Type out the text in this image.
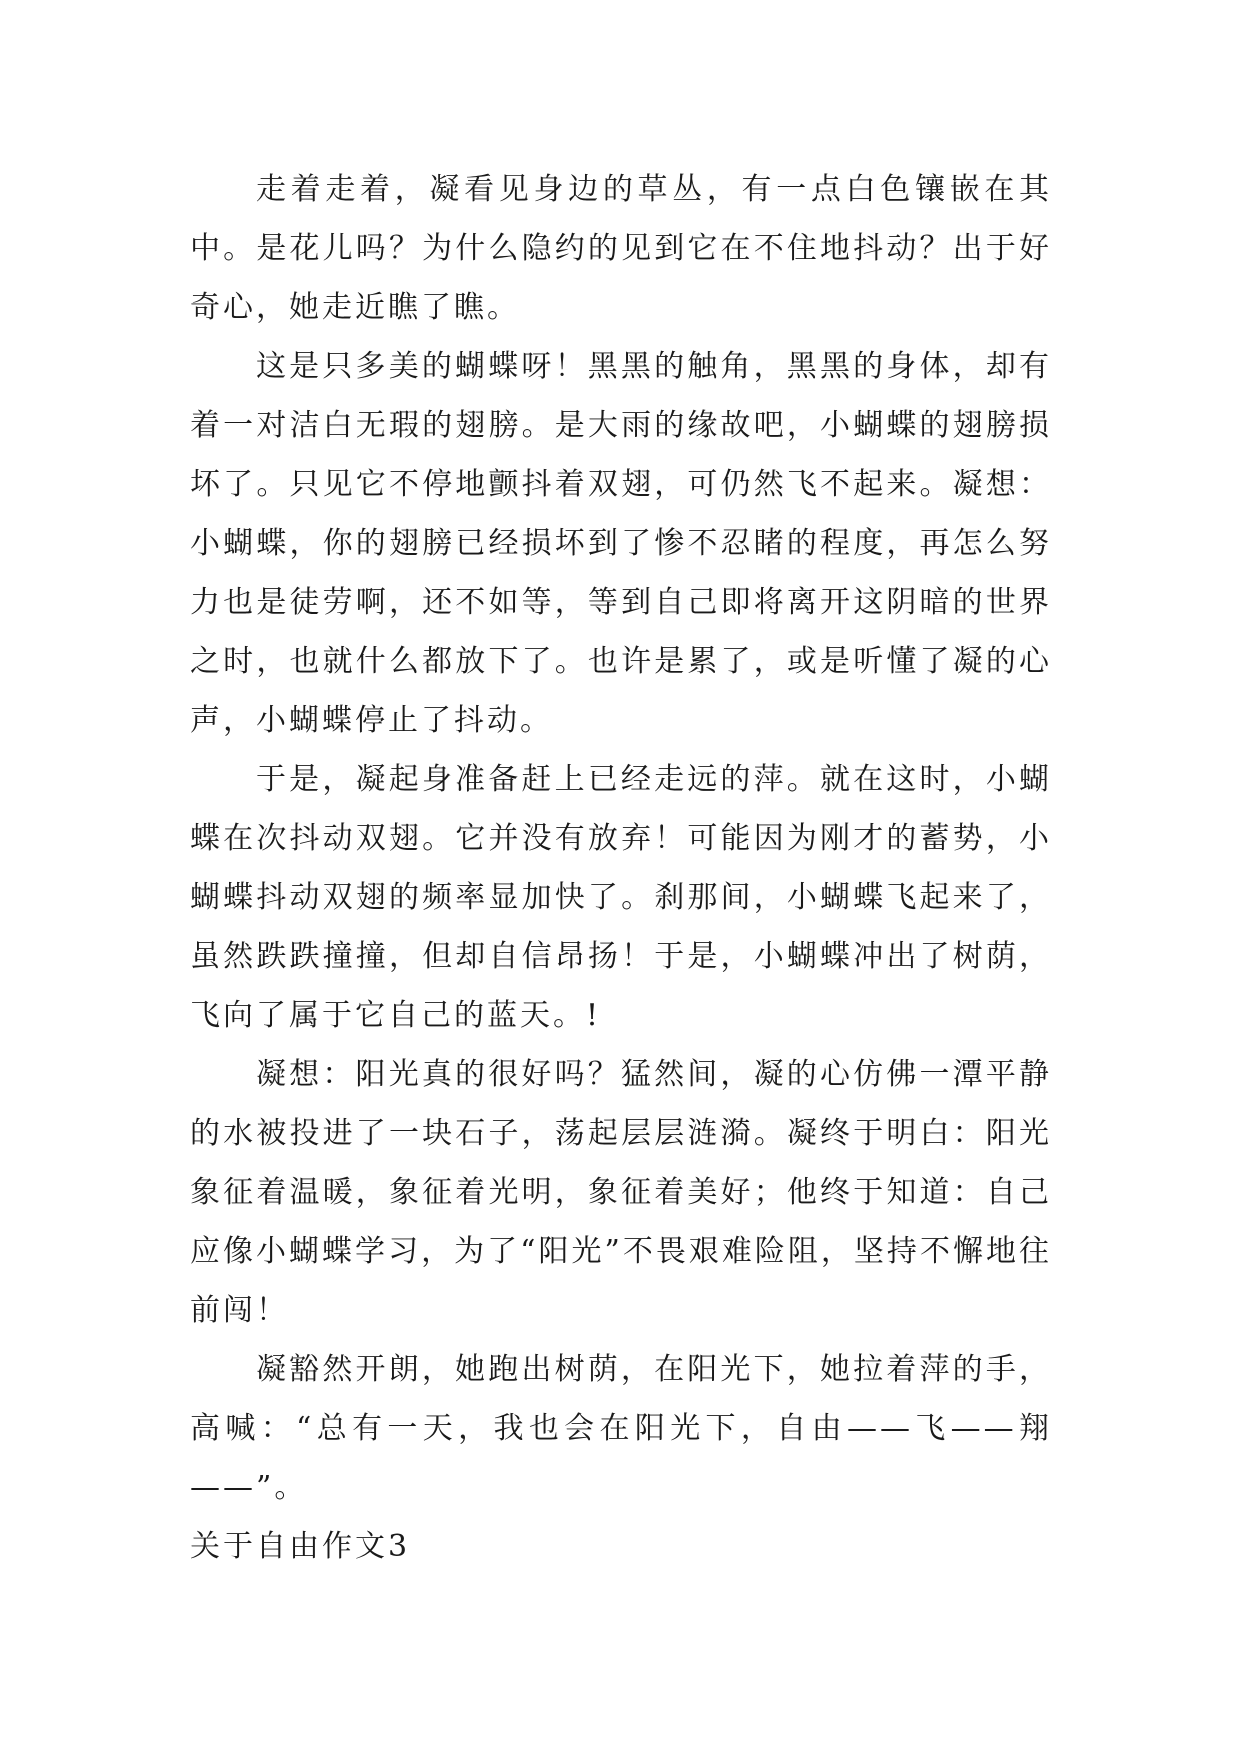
走着走着，凝看见身边的草丛，有一点白色镶嵌在其中。是花儿吗？为什么隐约的见到它在不住地抖动？出于好奇心，她走近瞧了瞧。

这是只多美的蝴蝶呀！黑黑的触角，黑黑的身体，却有着一对洁白无瑕的翅膀。是大雨的缘故吧，小蝴蝶的翅膀损坏了。只见它不停地颤抖着双翅，可仍然飞不起来。凝想：小蝴蝶，你的翅膀已经损坏到了惨不忍睹的程度，再怎么努力也是徒劳啊，还不如等，等到自己即将离开这阴暗的世界之时，也就什么都放下了。也许是累了，或是听懂了凝的心声，小蝴蝶停止了抖动。

于是，凝起身准备赶上已经走远的萍。就在这时，小蝴蝶在次抖动双翅。它并没有放弃！可能因为刚才的蓄势，小蝴蝶抖动双翅的频率显加快了。刹那间，小蝴蝶飞起来了，虽然跌跌撞撞，但却自信昂扬！于是，小蝴蝶冲出了树荫，飞向了属于它自己的蓝天。!

凝想：阳光真的很好吗？猛然间，凝的心仿佛一潭平静的水被投进了一块石子，荡起层层涟漪。凝终于明白：阳光象征着温暖，象征着光明，象征着美好；他终于知道：自己应像小蝴蝶学习，为了“阳光”不畏艰难险阻，坚持不懈地往前闯！

凝豁然开朗，她跑出树荫，在阳光下，她拉着萍的手，高喊：“总有一天，我也会在阳光下，自由——飞——翔——”。

关于自由作文3
